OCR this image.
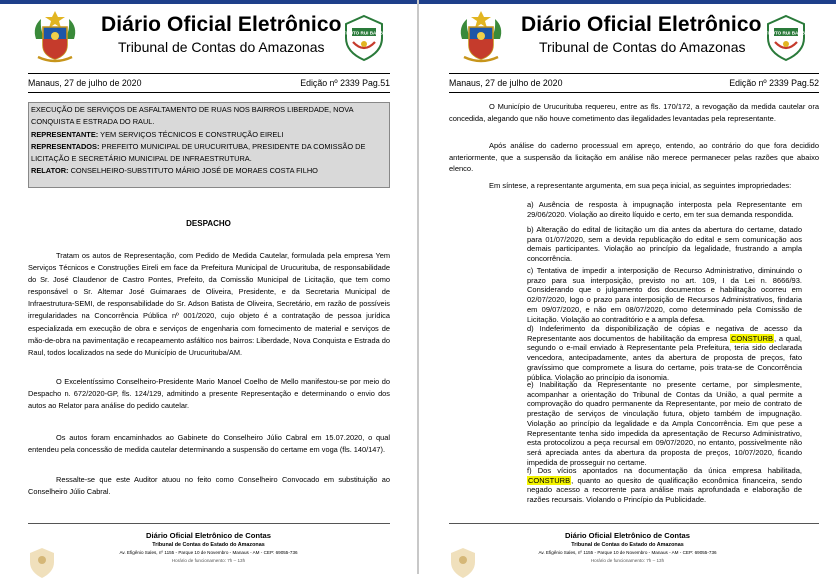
Diário Oficial Eletrônico
Tribunal de Contas do Amazonas
INSTITUTO RUI BARBOSA
Manaus, 27 de julho de 2020	Edição nº 2339 Pag.51
EXECUÇÃO DE SERVIÇOS DE ASFALTAMENTO DE RUAS NOS BAIRROS LIBERDADE, NOVA CONQUISTA E ESTRADA DO RAUL.
REPRESENTANTE: YEM SERVIÇOS TÉCNICOS E CONSTRUÇÃO EIRELI
REPRESENTADOS: PREFEITO MUNICIPAL DE URUCURITUBA, PRESIDENTE DA COMISSÃO DE LICITAÇÃO E SECRETÁRIO MUNICIPAL DE INFRAESTRUTURA.
RELATOR: CONSELHEIRO-SUBSTITUTO MÁRIO JOSÉ DE MORAES COSTA FILHO
DESPACHO
Tratam os autos de Representação, com Pedido de Medida Cautelar, formulada pela empresa Yem Serviços Técnicos e Construções Eireli em face da Prefeitura Municipal de Urucurituba, de responsabilidade do Sr. José Claudenor de Castro Pontes, Prefeito, da Comissão Municipal de Licitação, que tem como responsável o Sr. Altemar José Guimaraes de Oliveira, Presidente, e da Secretaria Municipal de Infraestrutura-SEMI, de responsabilidade do Sr. Adson Batista de Oliveira, Secretário, em razão de possíveis irregularidades na Concorrência Pública nº 001/2020, cujo objeto é a contratação de pessoa jurídica especializada em execução de obra e serviços de engenharia com fornecimento de material e serviços de mão-de-obra na pavimentação e recapeamento asfáltico nos bairros: Liberdade, Nova Conquista e Estrada do Raul, todos localizados na sede do Município de Urucurituba/AM.
O Excelentíssimo Conselheiro-Presidente Mario Manoel Coelho de Mello manifestou-se por meio do Despacho n. 672/2020-GP, fls. 124/129, admitindo a presente Representação e determinando o envio dos autos ao Relator para análise do pedido cautelar.
Os autos foram encaminhados ao Gabinete do Conselheiro Júlio Cabral em 15.07.2020, o qual entendeu pela concessão de medida cautelar determinando a suspensão do certame em voga (fls. 140/147).
Ressalte-se que este Auditor atuou no feito como Conselheiro Convocado em substituição ao Conselheiro Júlio Cabral.
Diário Oficial Eletrônico de Contas
Tribunal de Contas do Estado do Amazonas
Av. Efigênio Sales, nº 1155 - Parque 10 de Novembro - Manaus - AM - CEP: 69055-736
Horário de funcionamento: 7h – 13h
Diário Oficial Eletrônico
Tribunal de Contas do Amazonas
INSTITUTO RUI BARBOSA
Manaus, 27 de julho de 2020	Edição nº 2339 Pag.52
O Município de Urucurituba requereu, entre as fls. 170/172, a revogação da medida cautelar ora concedida, alegando que não houve cometimento das ilegalidades levantadas pela representante.
Após análise do caderno processual em apreço, entendo, ao contrário do que fora decidido anteriormente, que a suspensão da licitação em análise não merece permanecer pelas razões que abaixo elenco.
Em síntese, a representante argumenta, em sua peça inicial, as seguintes impropriedades:
a) Ausência de resposta à impugnação interposta pela Representante em 29/06/2020. Violação ao direito líquido e certo, em ter sua demanda respondida.
b) Alteração do edital de licitação um dia antes da abertura do certame, datado para 01/07/2020, sem a devida republicação do edital e sem comunicação aos demais participantes. Violação ao princípio da legalidade, frustrando a ampla concorrência.
c) Tentativa de impedir a interposição de Recurso Administrativo, diminuindo o prazo para sua interposição, previsto no art. 109, I da Lei n. 8666/93. Considerando que o julgamento dos documentos e habilitação ocorreu em 02/07/2020, logo o prazo para interposição de Recursos Administrativos, findaria em 09/07/2020, e não em 08/07/2020, como determinado pela Comissão de Licitação. Violação ao contraditório e a ampla defesa.
d) Indeferimento da disponibilização de cópias e negativa de acesso da Representante aos documentos de habilitação da empresa CONSTURB, a qual, segundo o e-mail enviado à Representante pela Prefeitura, teria sido declarada vencedora, antecipadamente, antes da abertura de proposta de preços, fato gravíssimo que compromete a lisura do certame, pois trata-se de Concorrência pública. Violação ao princípio da isonomia.
e) Inabilitação da Representante no presente certame, por simplesmente, acompanhar a orientação do Tribunal de Contas da União, a qual permite a comprovação do quadro permanente da Representante, por meio de contrato de prestação de serviços de vinculação futura, objeto também de impugnação. Violação ao princípio da legalidade e da Ampla Concorrência. Em que pese a Representante tenha sido impedida da apresentação de Recurso Administrativo, esta protocolizou a peça recursal em 09/07/2020, no entanto, possivelmente não será apreciada antes da abertura da proposta de preços, 10/07/2020, ficando impedida de prosseguir no certame.
f) Dos vícios apontados na documentação da única empresa habilitada, CONSTURB, quanto ao quesito de qualificação econômica financeira, sendo negado acesso a recorrente para análise mais aprofundada e elaboração de razões recursais. Violando o Princípio da Publicidade.
Diário Oficial Eletrônico de Contas
Tribunal de Contas do Estado do Amazonas
Av. Efigênio Sales, nº 1155 - Parque 10 de Novembro - Manaus - AM - CEP: 69055-736
Horário de funcionamento: 7h – 13h
